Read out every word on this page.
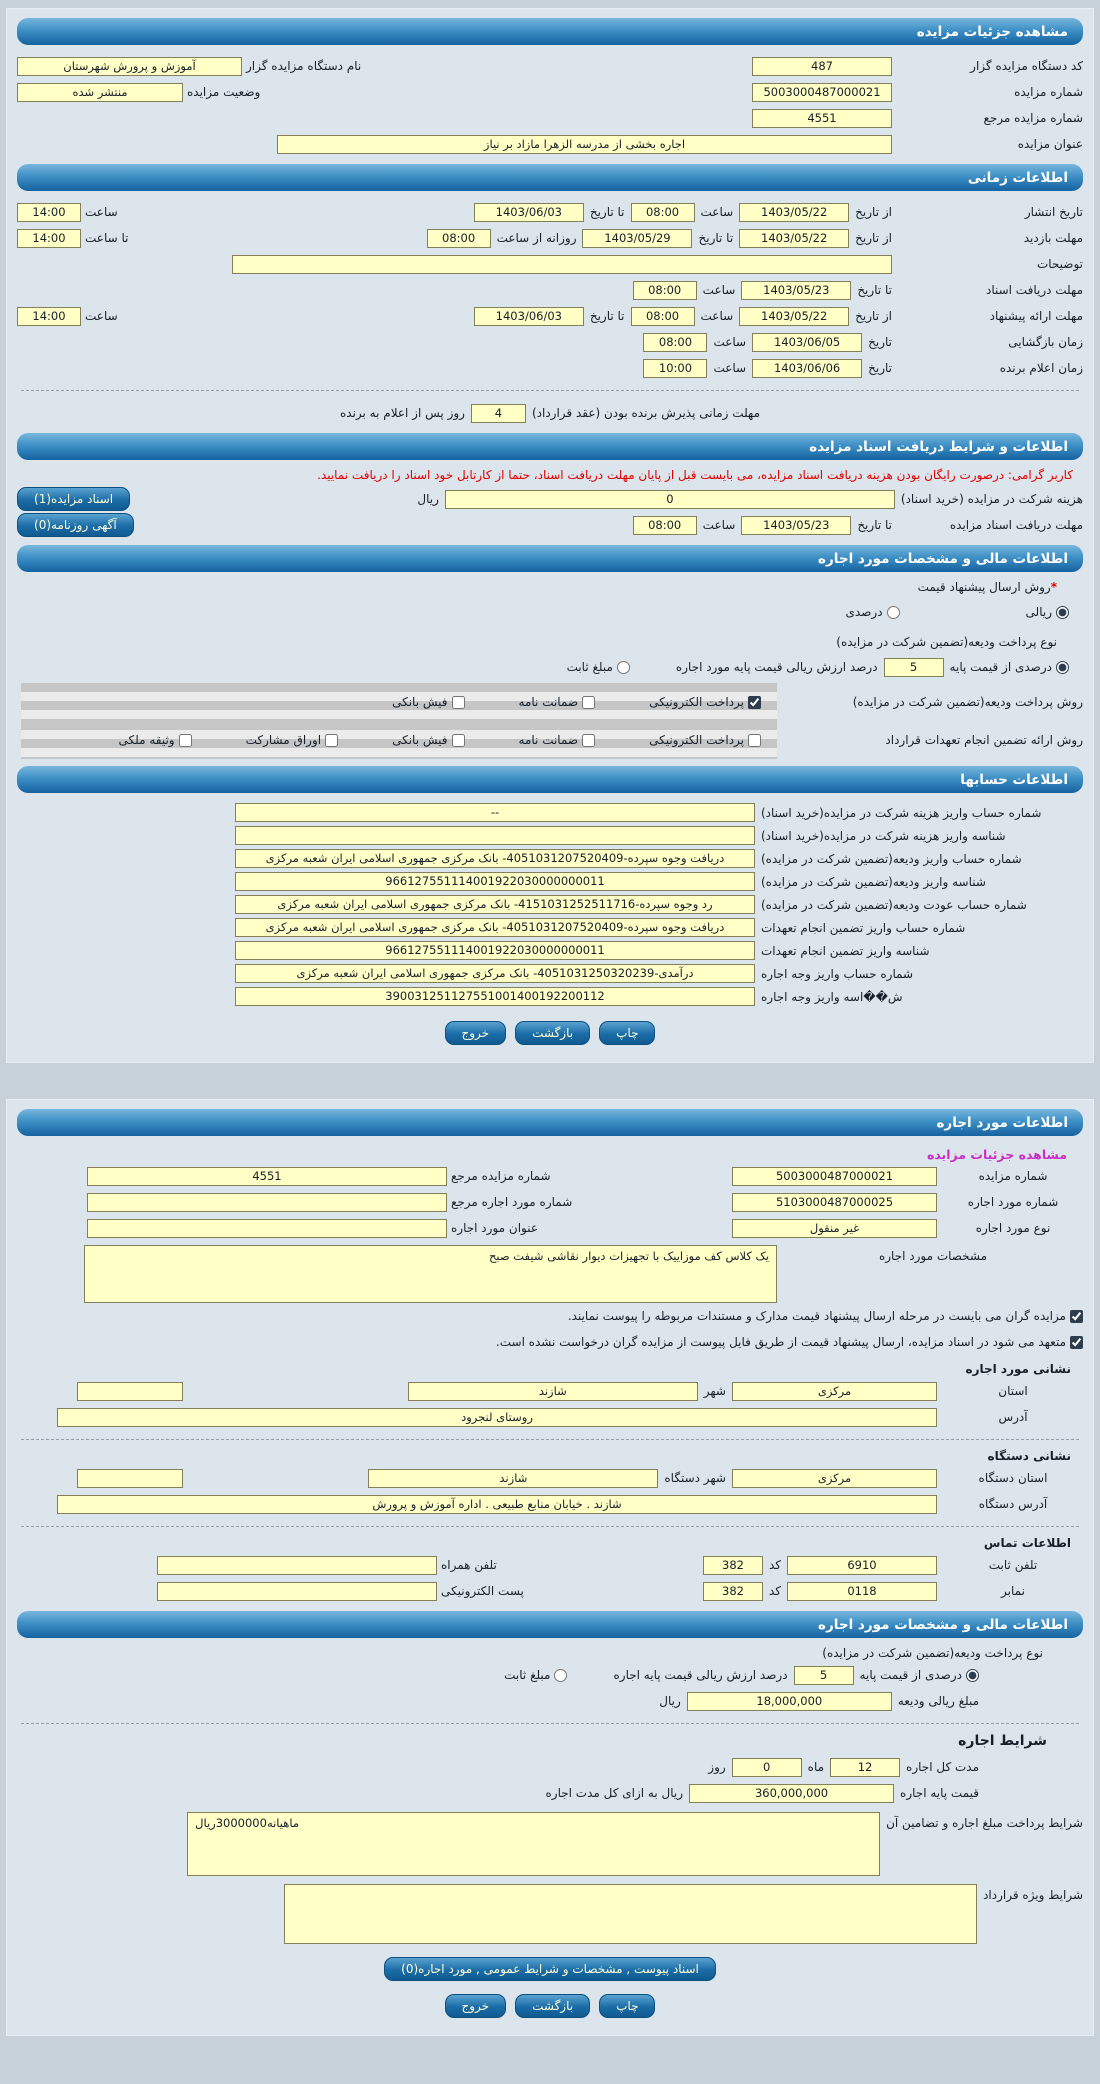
مشاهده جزئیات مزایده
کد دستگاه مزایده گزار
487
نام دستگاه مزایده گزار
آموزش و پرورش شهرستان
شماره مزایده
5003000487000021
وضعیت مزایده
منتشر شده
شماره مزایده مرجع
4551
عنوان مزایده
اجاره بخشی از مدرسه الزهرا مازاد بر نیاز
اطلاعات زمانی
تاریخ انتشار
از تاریخ
1403/05/22
ساعت
08:00
تا تاریخ
1403/06/03
ساعت
14:00
مهلت بازدید
از تاریخ
1403/05/22
تا تاریخ
1403/05/29
روزانه از ساعت
08:00
تا ساعت
14:00
توضیحات
مهلت دریافت اسناد
تا تاریخ
1403/05/23
ساعت
08:00
مهلت ارائه پیشنهاد
از تاریخ
1403/05/22
ساعت
08:00
تا تاریخ
1403/06/03
ساعت
14:00
زمان بازگشایی
تاریخ
1403/06/05
ساعت
08:00
زمان اعلام برنده
تاریخ
1403/06/06
ساعت
10:00
مهلت زمانی پذیرش برنده بودن (عقد قرارداد)
4
روز پس از اعلام به برنده
اطلاعات و شرایط دریافت اسناد مزایده

کاربر گرامی: درصورت رایگان بودن هزینه دریافت اسناد مزایده، می بایست قبل از پایان مهلت دریافت اسناد، حتما از کارتابل خود اسناد را دریافت نمایید.

هزینه شرکت در مزایده (خرید اسناد)
0
ریال
اسناد مزایده(1)
مهلت دریافت اسناد مزایده
تا تاریخ
1403/05/23
ساعت
08:00
آگهی روزنامه(0)
اطلاعات مالی و مشخصات مورد اجاره
*روش ارسال پیشنهاد قیمت
ریالی
درصدی
نوع پرداخت ودیعه(تضمین شرکت در مزایده)
درصدی از قیمت پایه
5
درصد ارزش ریالی قیمت پایه مورد اجاره
مبلغ ثابت
روش پرداخت ودیعه(تضمین شرکت در مزایده)
پرداخت الکترونیکی
ضمانت نامه
فیش بانکی
روش ارائه تضمین انجام تعهدات قرارداد
پرداخت الکترونیکی
ضمانت نامه
فیش بانکی
اوراق مشارکت
وثیقه ملکی
اطلاعات حسابها
شماره حساب واریز هزینه شرکت در مزایده(خرید اسناد)
--
شناسه واریز هزینه شرکت در مزایده(خرید اسناد)
شماره حساب واریز ودیعه(تضمین شرکت در مزایده)
دریافت وجوه سپرده-4051031207520409- بانک مرکزی جمهوری اسلامی ایران شعبه مرکزی
شناسه واریز ودیعه(تضمین شرکت در مزایده)
966127551114001922030000000011
شماره حساب عودت ودیعه(تضمین شرکت در مزایده)
رد وجوه سپرده-4151031252511716- بانک مرکزی جمهوری اسلامی ایران شعبه مرکزی
شماره حساب واریز تضمین انجام تعهدات
دریافت وجوه سپرده-4051031207520409- بانک مرکزی جمهوری اسلامی ایران شعبه مرکزی
شناسه واریز تضمین انجام تعهدات
966127551114001922030000000011
شماره حساب واریز وجه اجاره
درآمدی-4051031250320239- بانک مرکزی جمهوری اسلامی ایران شعبه مرکزی
ش��اسه واریز وجه اجاره
390031251127551001400192200112
چاپ
بازگشت
خروج
اطلاعات مورد اجاره
مشاهده جزئیات مزایده
شماره مزایده
5003000487000021
شماره مزایده مرجع
4551
شماره مورد اجاره
5103000487000025
شماره مورد اجاره مرجع
نوع مورد اجاره
غیر منقول
عنوان مورد اجاره
مشخصات مورد اجاره
یک کلاس کف موزاییک با تجهیزات دیوار نقاشی شیفت صبح
مزایده گران می بایست در مرحله ارسال پیشنهاد قیمت مدارک و مستندات مربوطه را پیوست نمایند.
متعهد می شود در اسناد مزایده، ارسال پیشنهاد قیمت از طریق فایل پیوست از مزایده گران درخواست نشده است.
نشانی مورد اجاره
استان
مرکزی
شهر
شازند
آدرس
روستای لنجرود
نشانی دستگاه
استان دستگاه
مرکزی
شهر دستگاه
شازند
آدرس دستگاه
شازند . خیابان منابع طبیعی . اداره آموزش و پرورش
اطلاعات تماس
تلفن ثابت
6910
کد
382
تلفن همراه
نمابر
0118
کد
382
پست الکترونیکی
اطلاعات مالی و مشخصات مورد اجاره
نوع پرداخت ودیعه(تضمین شرکت در مزایده)
درصدی از قیمت پایه
5
درصد ارزش ریالی قیمت پایه اجاره
مبلغ ثابت
مبلغ ریالی ودیعه
18,000,000
ریال
شرایط اجاره
مدت کل اجاره
12
ماه
0
روز
قیمت پایه اجاره
360,000,000
ریال به ازای کل مدت اجاره
شرایط پرداخت مبلغ اجاره و تضامین آن
ماهیانه3000000ریال
شرایط ویژه قرارداد
اسناد پیوست , مشخصات و شرایط عمومی , مورد اجاره(0)
چاپ
بازگشت
خروج
